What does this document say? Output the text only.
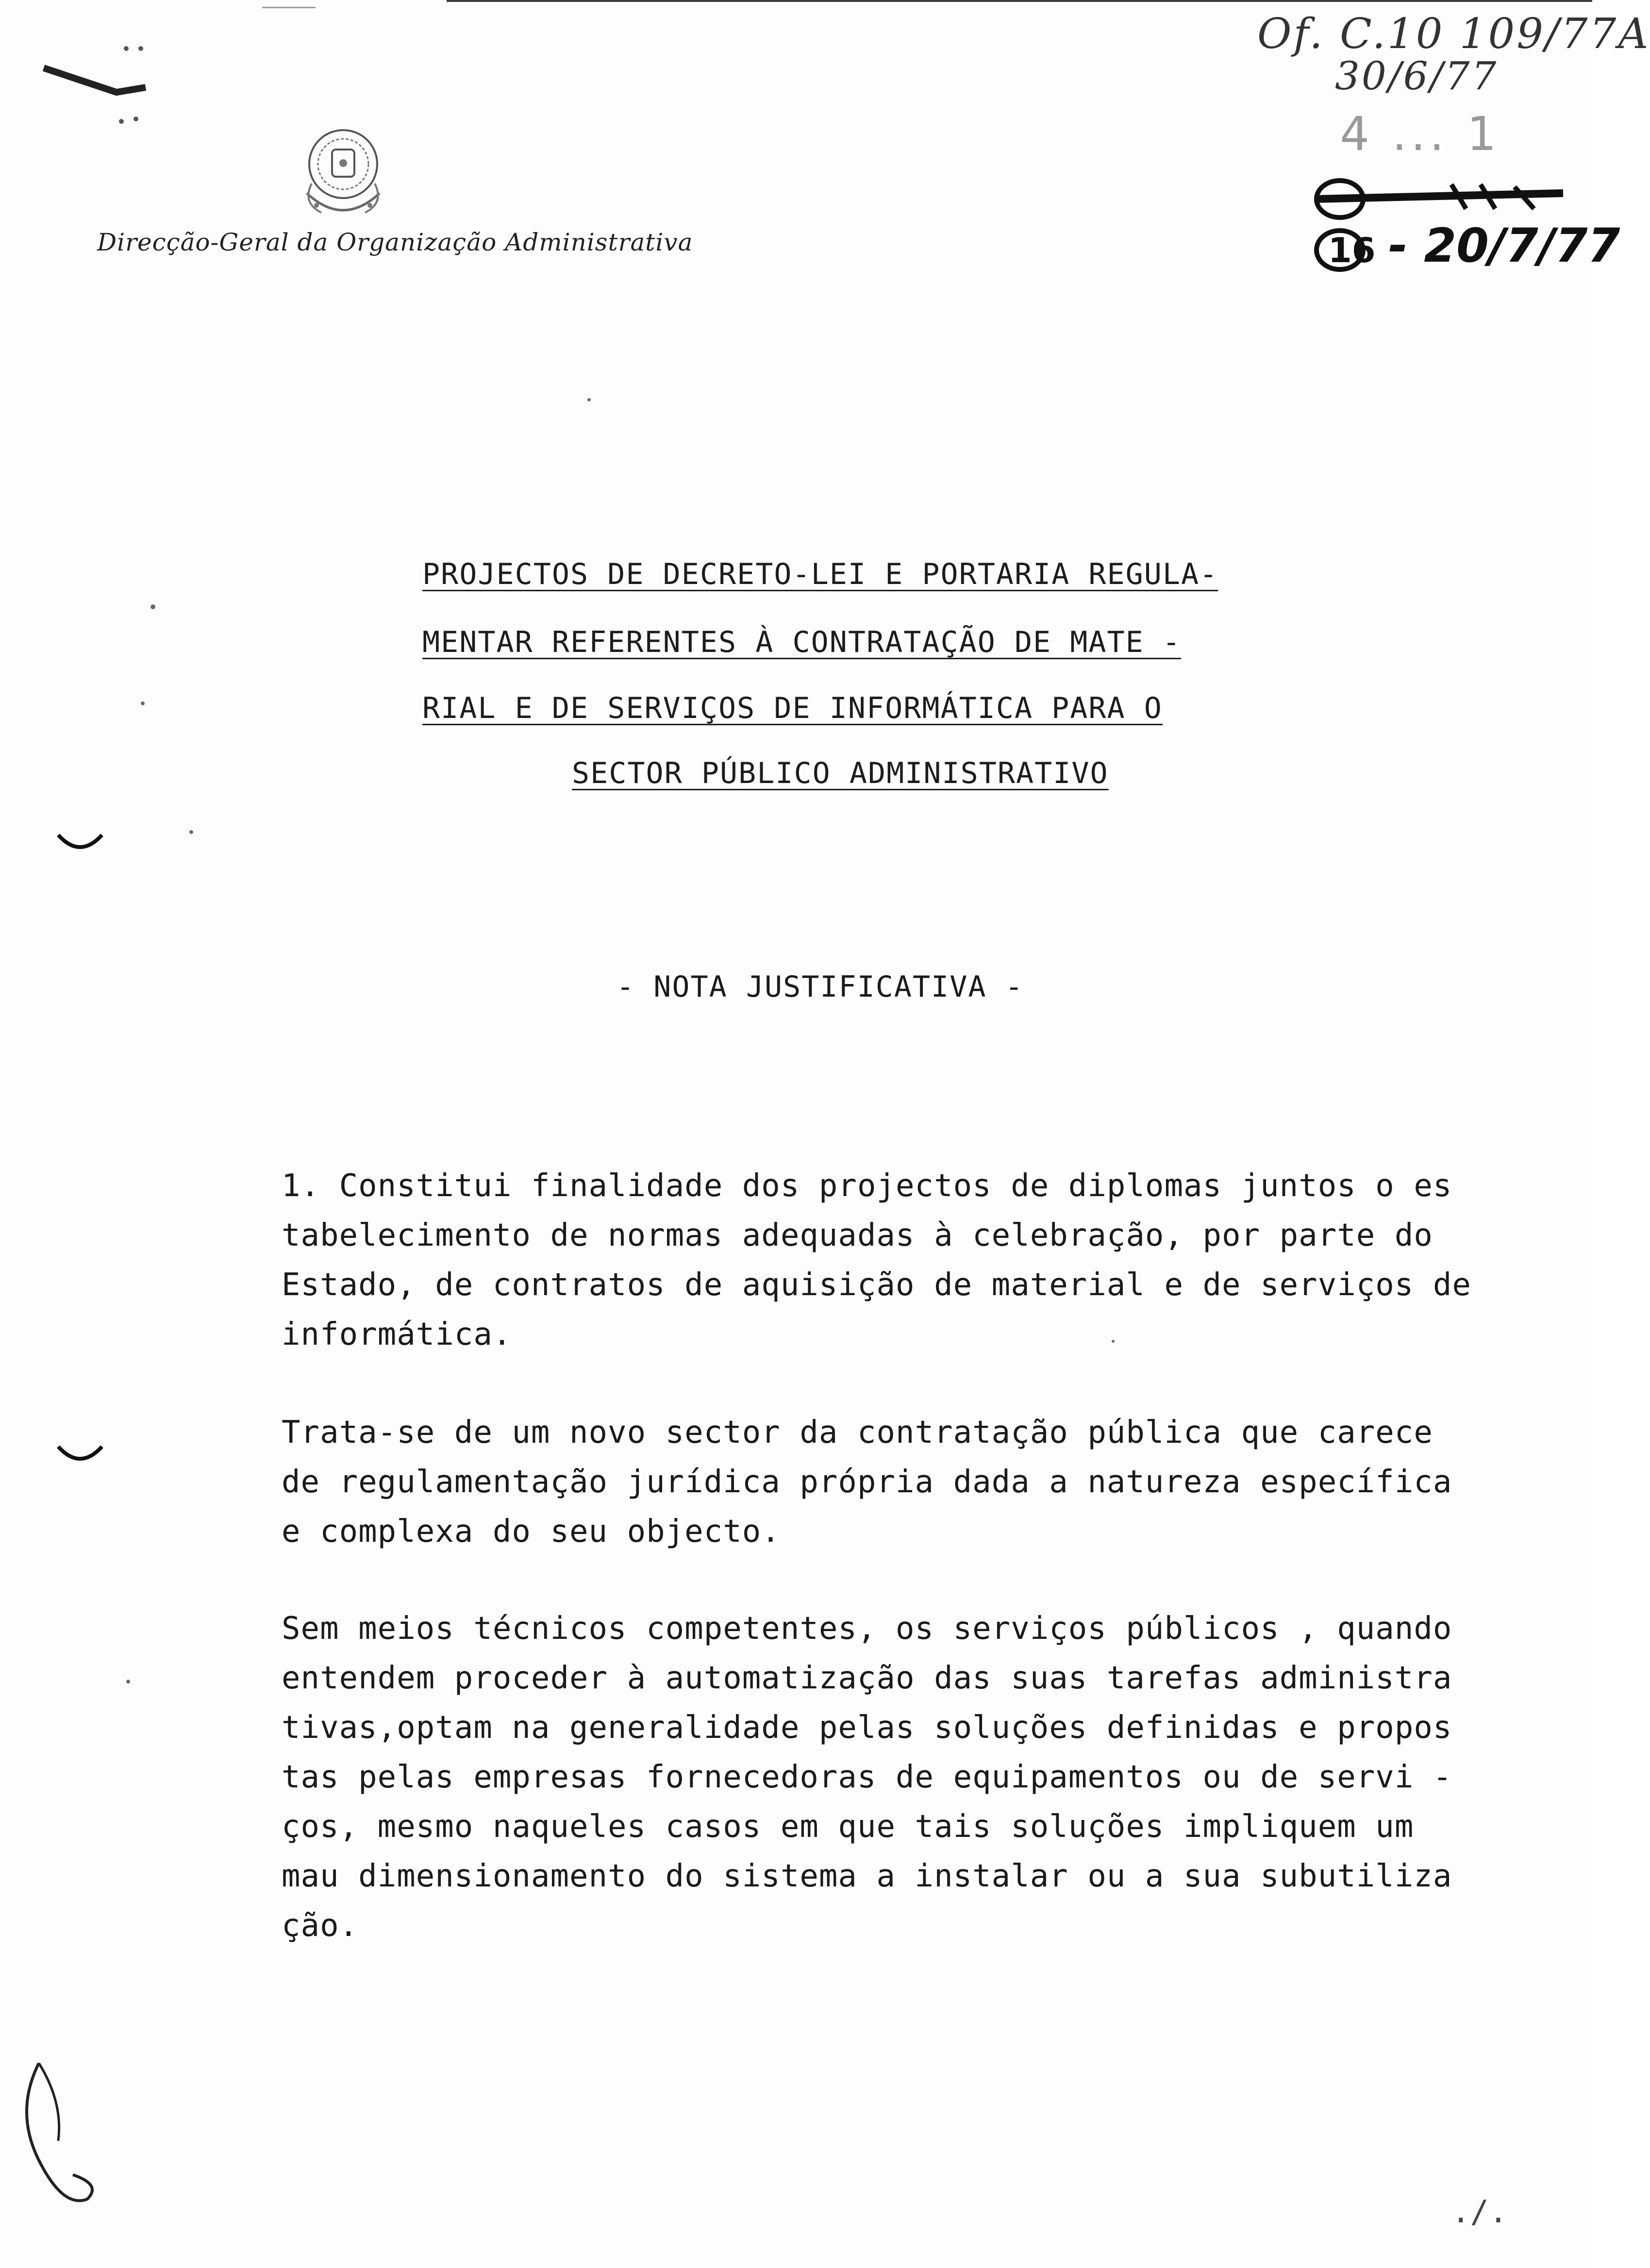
Direcção-Geral da Organização Administrativa
Of. C.10 109/77A
30/6/77
4 ... 1
16 - 20/7/77
PROJECTOS DE DECRETO-LEI E PORTARIA REGULA-
MENTAR REFERENTES À CONTRATAÇÃO DE MATE -
RIAL E DE SERVIÇOS DE INFORMÁTICA PARA O
SECTOR PÚBLICO ADMINISTRATIVO
- NOTA JUSTIFICATIVA -
1. Constitui finalidade dos projectos de diplomas juntos o es
tabelecimento de normas adequadas à celebração, por parte do
Estado, de contratos de aquisição de material e de serviços de
informática.
Trata-se de um novo sector da contratação pública que carece
de regulamentação jurídica própria dada a natureza específica
e complexa do seu objecto.
Sem meios técnicos competentes, os serviços públicos , quando
entendem proceder à automatização das suas tarefas administra
tivas,optam na generalidade pelas soluções definidas e propos
tas pelas empresas fornecedoras de equipamentos ou de servi -
ços, mesmo naqueles casos em que tais soluções impliquem um
mau dimensionamento do sistema a instalar ou a sua subutiliza
ção.
./.
